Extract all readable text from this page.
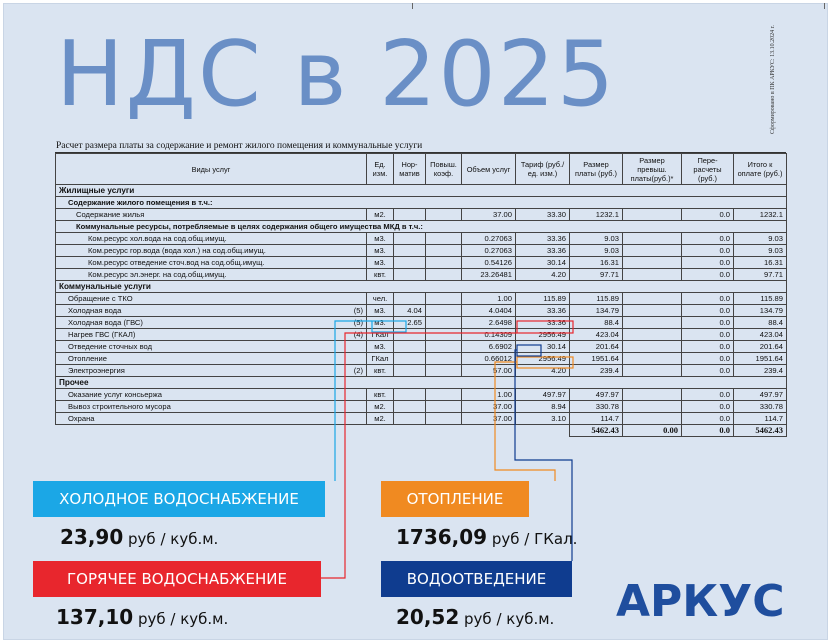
НДС в 2025	Сформировано в ПК АРКУС: 13.10.2024 г.
Расчет размера платы за содержание и ремонт жилого помещения и коммунальные услуги
Виды услуг	Ед. изм.	Нор- матив	Повыш. коэф.	Объем услуг	Тариф (руб./ед. изм.)	Размер платы (руб.)	Размер превыш. платы(руб.)*	Пере- расчеты (руб.)	Итого к оплате (руб.)
Жилищные услуги									
Содержание жилого помещения в т.ч.:									

Содержание жилья	м2.			37.00	33.30	1232.1		0.0	1232.1
Коммунальные ресурсы, потребляемые в целях содержания общего имущества МКД в т.ч.:									

Ком.ресурс хол.вода на сод.общ.имущ.	м3.			0.27063	33.36	9.03		0.0	9.03

Ком.ресурс гор.вода (вода хол.) на сод.общ.имущ.	м3.			0.27063	33.36	9.03		0.0	9.03

Ком.ресурс отведение сточ.вод на сод.общ.имущ.	м3.			0.54126	30.14	16.31		0.0	16.31

Ком.ресурс эл.энерг. на сод.общ.имущ.	квт.			23.26481	4.20	97.71		0.0	97.71
Коммунальные услуги									

Обращение с ТКО	чел.			1.00	115.89	115.89		0.0	115.89

Холодная вода (5)	м3.	4.04		4.0404	33.36	134.79		0.0	134.79

Холодная вода (ГВС) (5)	м3.	2.65		2.6498	33.36	88.4		0.0	88.4

Нагрев ГВС (ГКАЛ) (4)	ГКал			0.14309	2956.49	423.04		0.0	423.04

Отведение сточных вод	м3.			6.6902	30.14	201.64		0.0	201.64

Отопление	ГКал			0.66012	2956.49	1951.64		0.0	1951.64

Электроэнергия (2)	квт.			57.00	4.20	239.4		0.0	239.4
Прочее									

Оказание услуг консьержа	квт.			1.00	497.97	497.97		0.0	497.97

Вывоз строительного мусора	м2.			37.00	8.94	330.78		0.0	330.78

Охрана	м2.			37.00	3.10	114.7		0.0	114.7
						5462.43	0.00	0.0	5462.43
ХОЛОДНОЕ ВОДОСНАБЖЕНИЕ
23,90 руб / куб.м.
ГОРЯЧЕЕ ВОДОСНАБЖЕНИЕ
137,10 руб / куб.м.
ОТОПЛЕНИЕ
1736,09 руб / ГКал.
ВОДООТВЕДЕНИЕ
20,52 руб / куб.м. АРКУС
